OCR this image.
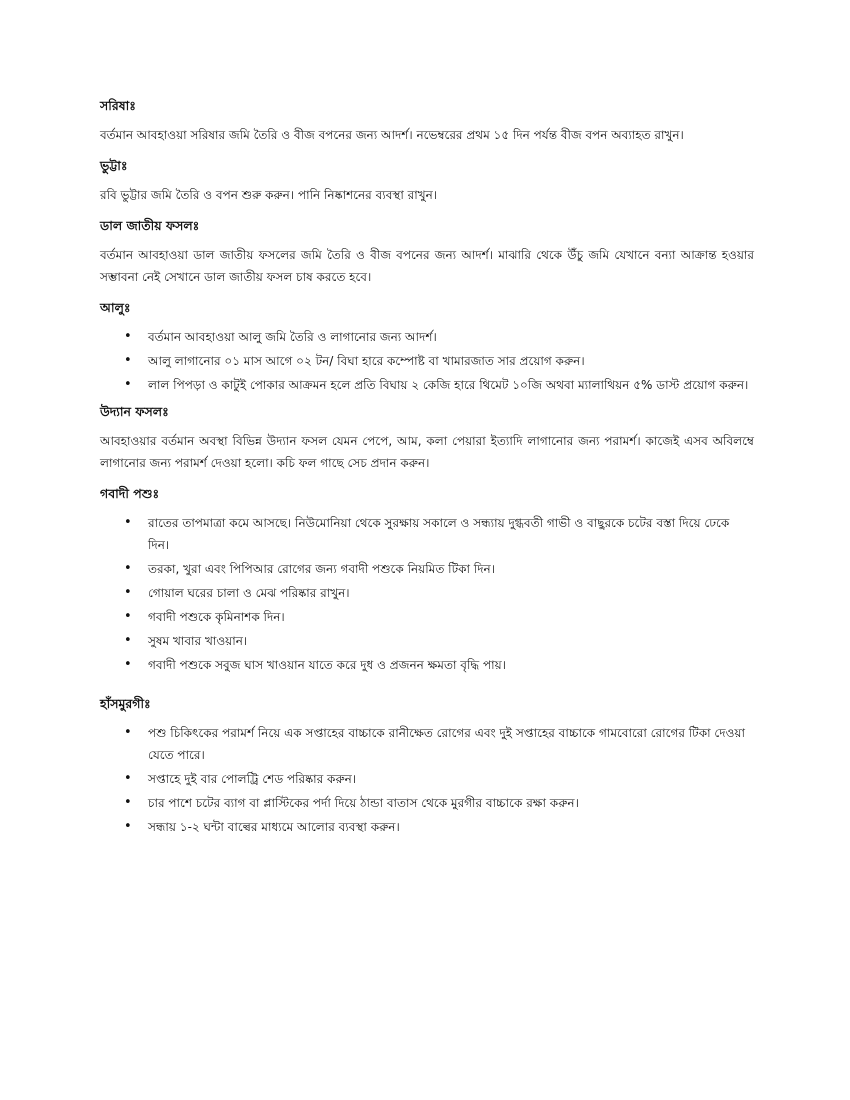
সরিষাঃ

বর্তমান আবহাওয়া সরিষার জমি তৈরি ও বীজ বপনের জন্য আদর্শ। নভেম্বরের প্রথম ১৫ দিন পর্যন্ত বীজ বপন অব্যাহত রাখুন।

ভুট্টাঃ

রবি ভুট্টার জমি তৈরি ও বপন শুরু করুন। পানি নিষ্কাশনের ব্যবস্থা রাখুন।

ডাল জাতীয় ফসলঃ

বর্তমান আবহাওয়া ডাল জাতীয় ফসলের জমি তৈরি ও বীজ বপনের জন্য আদর্শ। মাঝারি থেকে উঁচু জমি যেখানে বন্যা আক্রান্ত হওয়ার সম্ভাবনা নেই সেখানে ডাল জাতীয় ফসল চাষ করতে হবে।

আলুঃ
• বর্তমান আবহাওয়া আলু জমি তৈরি ও লাগানোর জন্য আদর্শ।
• আলু লাগানোর ০১ মাস আগে ০২ টন/ বিঘা হারে কম্পোষ্ট বা খামারজাত সার প্রয়োগ করুন।
• লাল পিপড়া ও কাটুই পোকার আক্রমন হলে প্রতি বিঘায় ২ কেজি হারে থিমেট ১০জি অথবা ম্যালাথিয়ন ৫% ডাস্ট প্রয়োগ করুন।
উদ্যান ফসলঃ

আবহাওয়ার বর্তমান অবস্থা বিভিন্ন উদ্যান ফসল যেমন পেপে, আম, কলা পেয়ারা ইত্যাদি লাগানোর জন্য পরামর্শ। কাজেই এসব অবিলম্বে লাগানোর জন্য পরামর্শ দেওয়া হলো। কচি ফল গাছে সেচ প্রদান করুন।

গবাদী পশুঃ
• রাতের তাপমাত্রা কমে আসছে। নিউমোনিয়া থেকে সুরক্ষায় সকালে ও সন্ধ্যায় দুগ্ধবতী গাভী ও বাছুরকে চটের বস্তা দিয়ে ঢেকে দিন।
• তরকা, খুরা এবং পিপিআর রোগের জন্য গবাদী পশুকে নিয়মিত টিকা দিন।
• গোয়াল ঘরের চালা ও মেঝ পরিষ্কার রাখুন।
• গবাদী পশুকে কৃমিনাশক দিন।
• সুষম খাবার খাওয়ান।
• গবাদী পশুকে সবুজ ঘাস খাওয়ান যাতে করে দুধ ও প্রজনন ক্ষমতা বৃদ্ধি পায়।
হাঁসমুরগীঃ
• পশু চিকিৎকের পরামর্শ নিয়ে এক সপ্তাহের বাচ্চাকে রানীক্ষেত রোগের এবং দুই সপ্তাহের বাচ্চাকে গামবোরো রোগের টিকা দেওয়া যেতে পারে।
• সপ্তাহে দুই বার পোলট্রি শেড পরিষ্কার করুন।
• চার পাশে চটের ব্যাগ বা প্লাস্টিকের পর্দা দিয়ে ঠান্ডা বাতাস থেকে মুরগীর বাচ্চাকে রক্ষা করুন।
• সন্ধায় ১-২ ঘন্টা বাল্বের মাধ্যমে আলোর ব্যবস্থা করুন।
